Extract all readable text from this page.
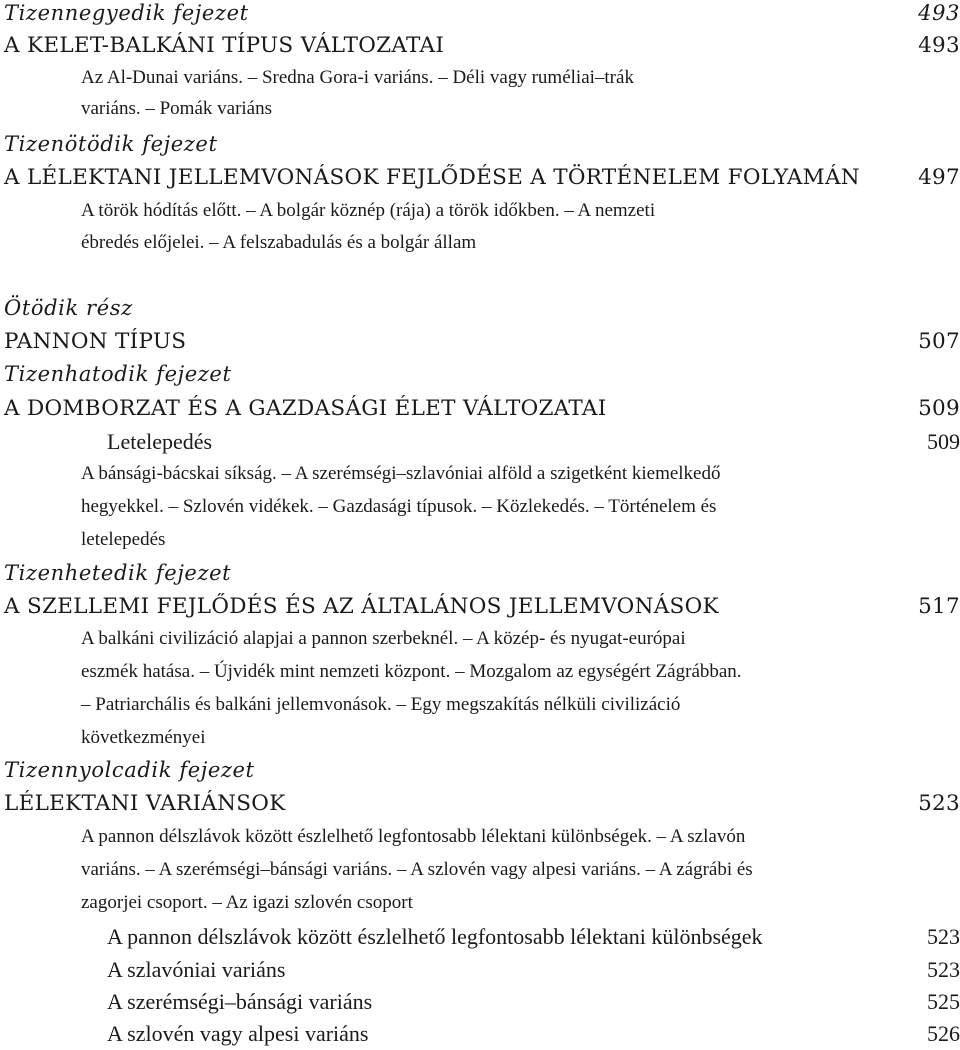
Tizennegyedik fejezet	493
A KELET-BALKÁNI TÍPUS VÁLTOZATAI	493
Az Al-Dunai variáns. – Sredna Gora-i variáns. – Déli vagy ruméliai–trák
variáns. – Pomák variáns
Tizenötödik fejezet
A LÉLEKTANI JELLEMVONÁSOK FEJLŐDÉSE A TÖRTÉNELEM FOLYAMÁN	497
A török hódítás előtt. – A bolgár köznép (rája) a török időkben. – A nemzeti
ébredés előjelei. – A felszabadulás és a bolgár állam
Ötödik rész
PANNON TÍPUS	507
Tizenhatodik fejezet
A DOMBORZAT ÉS A GAZDASÁGI ÉLET VÁLTOZATAI	509
Letelepedés	509
A bánsági-bácskai síkság. – A szerémségi–szlavóniai alföld a szigetként kiemelkedő
hegyekkel. – Szlovén vidékek. – Gazdasági típusok. – Közlekedés. – Történelem és
letelepedés
Tizenhetedik fejezet
A SZELLEMI FEJLŐDÉS ÉS AZ ÁLTALÁNOS JELLEMVONÁSOK	517
A balkáni civilizáció alapjai a pannon szerbeknél. – A közép- és nyugat-európai
eszmék hatása. – Újvidék mint nemzeti központ. – Mozgalom az egységért Zágrábban.
– Patriarchális és balkáni jellemvonások. – Egy megszakítás nélküli civilizáció
következményei
Tizennyolcadik fejezet
LÉLEKTANI VARIÁNSOK	523
A pannon délszlávok között észlelhető legfontosabb lélektani különbségek. – A szlavón
variáns. – A szerémségi–bánsági variáns. – A szlovén vagy alpesi variáns. – A zágrábi és
zagorjei csoport. – Az igazi szlovén csoport
A pannon délszlávok között észlelhető legfontosabb lélektani különbségek	523
A szlavóniai variáns	523
A szerémségi–bánsági variáns	525
A szlovén vagy alpesi variáns	526
